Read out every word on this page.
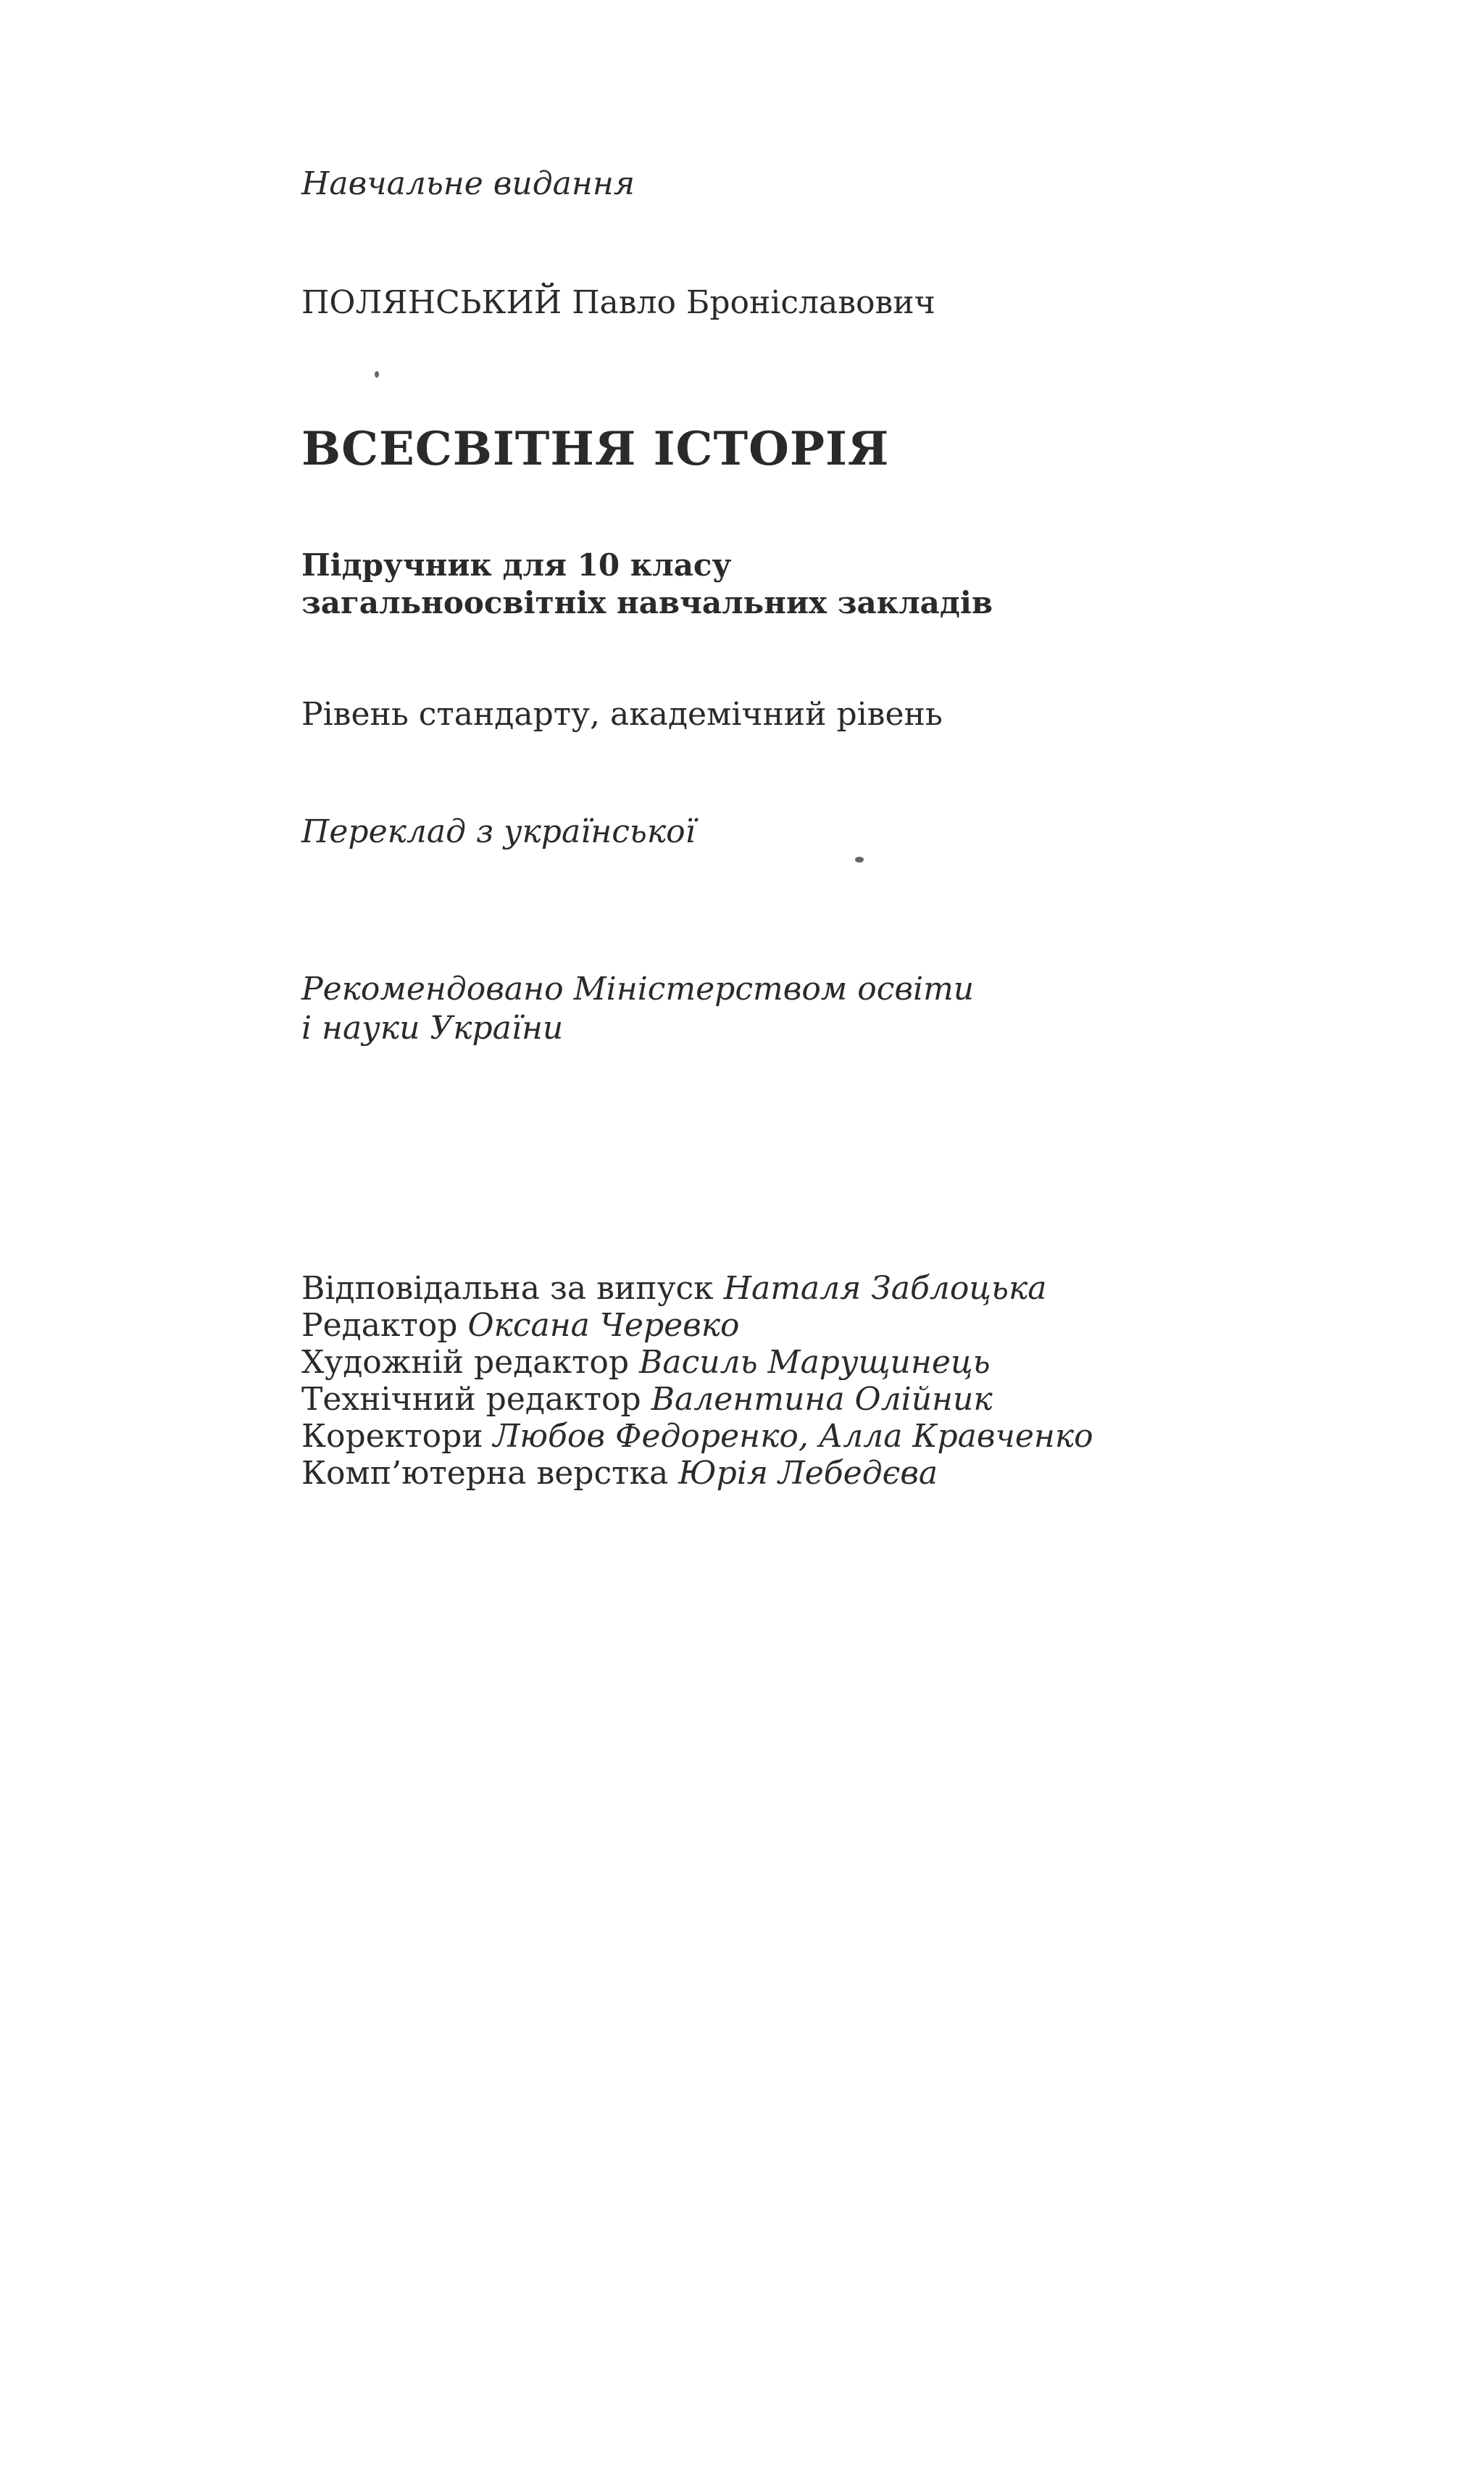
Навчальне видання
ПОЛЯНСЬКИЙ Павло Броніславович
ВСЕСВІТНЯ ІСТОРІЯ
Підручник для 10 класу
загальноосвітніх навчальних закладів
Рівень стандарту, академічний рівень
Переклад з української
Рекомендовано Міністерством освіти
і науки України
Відповідальна за випуск Наталя Заблоцька
Редактор Оксана Черевко
Художній редактор Василь Марущинець
Технічний редактор Валентина Олійник
Коректори Любов Федоренко, Алла Кравченко
Комп’ютерна верстка Юрія Лебедєва
